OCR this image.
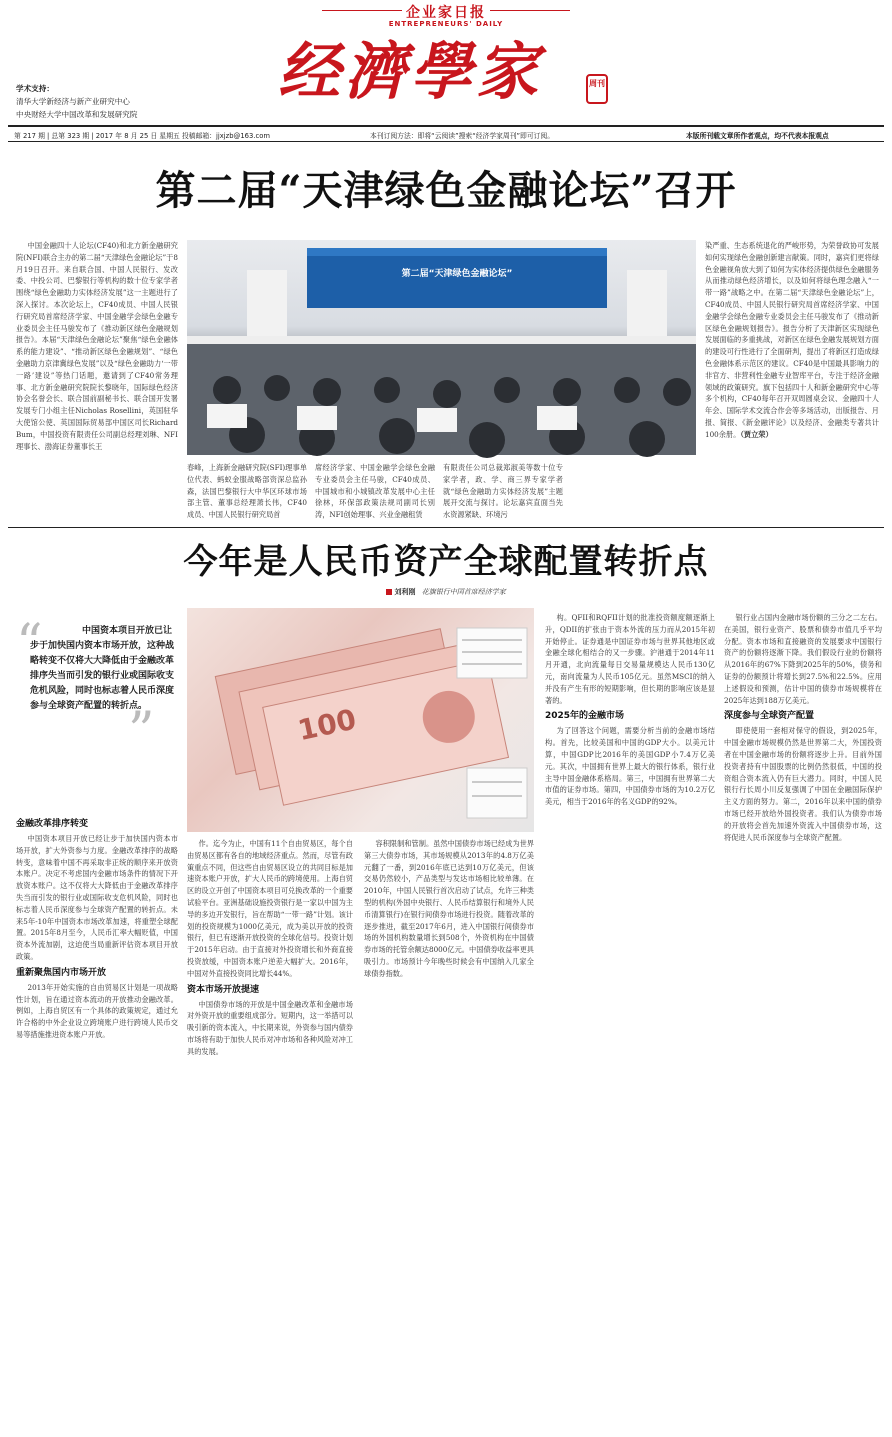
企业家日报
ENTREPRENEURS' DAILY
经濟學家	周刊
学术支持：
清华大学新经济与新产业研究中心
中央财经大学中国改革和发展研究院
第 217 期 | 总第 323 期 | 2017 年 8 月 25 日 星期五 投稿邮箱：jjxjzb@163.com	本刊订阅方法：即将“云阅读”搜索“经济学家周刊”即可订阅。	本版所刊载文章所作者观点，均不代表本报观点
第二届“天津绿色金融论坛”召开
中国金融四十人论坛(CF40)和北方新金融研究院(NFI)联合主办的第二届“天津绿色金融论坛”于8月19日召开。来自联合国、中国人民银行、发改委、中投公司、巴黎银行等机构的数十位专家学者围绕“绿色金融助力实体经济发展”这一主题进行了深入探讨。本次论坛上，CF40成员、中国人民银行研究局首席经济学家、中国金融学会绿色金融专业委员会主任马骏发布了《推动新区绿色金融规划报告》。本届“天津绿色金融论坛”聚焦“绿色金融体系的能力建设”、“推动新区绿色金融规划”、“绿色金融助力京津冀绿色发展”以及“绿色金融助力‘一带一路’建设”等热门话题，邀请到了CF40常务理事、北方新金融研究院院长黎晓年，国际绿色经济协会名誉会长、联合国前副秘书长、联合国开发署发展专门小组主任Nicholas Rosellini，英国驻华大使馆公使、英国国际贸易部中国区司长Richard Bum，中国投资有限责任公司副总经理刘琳、NFI理事长、渤海证券董事长王
第二届“天津绿色金融论坛”
春峰，上海新金融研究院(SFI)理事单位代表、蚂蚁金服战略部资深总监孙森，法国巴黎银行大中华区环球市场部主管、董事总经理萧长伟，CF40成员、中国人民银行研究局首
席经济学家、中国金融学会绿色金融专业委员会主任马骏，CF40成员、中国城市和小城镇改革发展中心主任徐林，环保部政策法规司副司长别涛，NFI创始理事、兴业金融租赁
有限责任公司总裁郑淑美等数十位专家学者，政、学、商三界专家学者就“绿色金融助力实体经济发展”主题展开交流与探讨。论坛嘉宾直面当先水资源紧缺、环境污
染严重、生态系统退化的严峻形势，为荣誉政协可发展如何实现绿色金融创新建言献策。同时，嘉宾们更将绿色金融视角放大到了如何为实体经济提供绿色金融服务从而推动绿色经济增长，以及如何将绿色理念融入“一带一路”战略之中。在第二届“天津绿色金融论坛”上，CF40成员、中国人民银行研究局首席经济学家、中国金融学会绿色金融专业委员会主任马骏发布了《推动新区绿色金融规划报告》。报告分析了天津新区实现绿色发展面临的多重挑战，对新区在绿色金融发展规划方面的建设可行性进行了全面研判，提出了将新区打造成绿色金融体系示范区的建议。CF40是中国最具影响力的非官方、非营利性金融专业智库平台，专注于经济金融领域的政策研究。旗下包括四十人和新金融研究中心等多个机构，CF40每年召开双周圆桌会议、金融四十人年会、国际学术交流合作会等多场活动，出版报告、月报、简报、《新金融评论》以及经济、金融类专著共计100余册。（贾立荣）
今年是人民币资产全球配置转折点
刘利刚 花旗银行中国首席经济学家
“
”
中国资本项目开放已让步于加快国内资本市场开放，这种战略转变不仅将大大降低由于金融改革排序失当而引发的银行业或国际收支危机风险，同时也标志着人民币深度参与全球资产配置的转折点。	100
金融改革排序转变

中国资本项目开放已经让步于加快国内资本市场开放，扩大外资参与力度。金融改革排序的战略转变，意味着中国不再采取非正统的顺序来开放资本账户。决定不考虑国内金融市场条件的情况下开放资本账户。这不仅将大大降低由于金融改革排序失当而引发的银行业或国际收支危机风险，同时也标志着人民币深度参与全球资产配置的转折点。未来5年-10年中国资本市场改革加速，将重塑全球配置。2015年8月至今，人民币汇率大幅贬值，中国资本外流加剧，这迫使当局重新评估资本项目开放政策。

重新聚焦国内市场开放

2013年开始实施的自由贸易区计划是一项战略性计划，旨在通过资本流动的开放推动金融改革。例如，上海自贸区有一个具体的政策规定，通过允许合格的中外企业设立跨境账户进行跨境人民币交易等措施推进资本账户开放。

作。迄今为止，中国有11个自由贸易区，每个自由贸易区都有各自的地域经济重点。然而，尽管有政策重点不同，但这些自由贸易区设立的共同目标是加速资本账户开放，扩大人民币的跨境使用。上海自贸区的设立开创了中国资本项目可兑换改革的一个重要试验平台。亚洲基础设施投资银行是一家以中国为主导的多边开发银行，旨在帮助“一带一路”计划。该计划的投资规模为1000亿美元，成为美以开放的投资银行，但已有逐渐开放投资的全球化信号。投资计划于2015年启动。由于直接对外投资增长和外商直接投资放缓，中国资本账户逆差大幅扩大。2016年，中国对外直接投资同比增长44%。

资本市场开放提速

中国债券市场的开放是中国金融改革和金融市场对外资开放的重要组成部分。短期内，这一举措可以吸引新的资本流入，中长期来说，外资参与国内债券市场将有助于加快人民币对冲市场和各种风险对冲工具的发展。

容积限制和管制。虽然中国债券市场已经成为世界第三大债券市场，其市场规模从2013年的4.8万亿美元翻了一番，到2016年底已达到10万亿美元，但该交易仍然较小，产品类型与发达市场相比较单薄。在2010年，中国人民银行首次启动了试点，允许三种类型的机构(外国中央银行、人民币结算银行和境外人民币清算银行)在银行间债券市场进行投资。随着改革的逐步推进，截至2017年6月，进入中国银行间债券市场的外国机构数量增长到508个，外资机构在中国债券市场的托管余额达8000亿元。中国债券收益率更具吸引力。市场预计今年晚些时候会有中国纳入几家全球债券指数。

构。QFII和RQFII计划的批准投资额度额逐渐上升，QDII的扩张由于资本外流的压力而从2015年初开始停止。证券通是中国证券市场与世界其他地区或金融全球化相结合的又一步骤。沪港通于2014年11月开通，北向流量每日交易量规模达人民币130亿元，南向流量为人民币105亿元。虽然MSCI的纳入并没有产生有形的短期影响，但长期的影响应该是显著的。

2025年的金融市场

为了回答这个问题，需要分析当前的金融市场结构。首先，比较美国和中国的GDP大小。以美元计算，中国GDP比2016年的美国GDP小7.4万亿美元。其次，中国拥有世界上最大的银行体系，银行业主导中国金融体系格局。第三，中国拥有世界第二大市值的证券市场。第四，中国债券市场的为10.2万亿美元，相当于2016年的名义GDP的92%。

银行业占国内金融市场份额的三分之二左右。在美国，银行业资产、股票和债券市值几乎平均分配。资本市场和直接融资的发展要求中国银行资产的份额将逐渐下降。我们假设行业的份额将从2016年的67%下降到2025年的50%，债务和证券的份额预计将增长到27.5%和22.5%。应用上述假设和预测，估计中国的债券市场规模将在2025年达到188万亿美元。

深度参与全球资产配置

即使使用一套相对保守的假设，到2025年，中国金融市场规模仍然是世界第二大，外国投资者在中国金融市场的份额将逐步上升。目前外国投资者持有中国股票的比例仍然很低，中国的投资组合资本流入仍有巨大潜力。同时，中国人民银行行长周小川反复强调了中国在金融国际保护主义方面的努力。第二，2016年以来中国的债券市场已经开放给外国投资者。我们认为债券市场的开放将会首先加速外资流入中国债券市场，这将促进人民币深度参与全球资产配置。
